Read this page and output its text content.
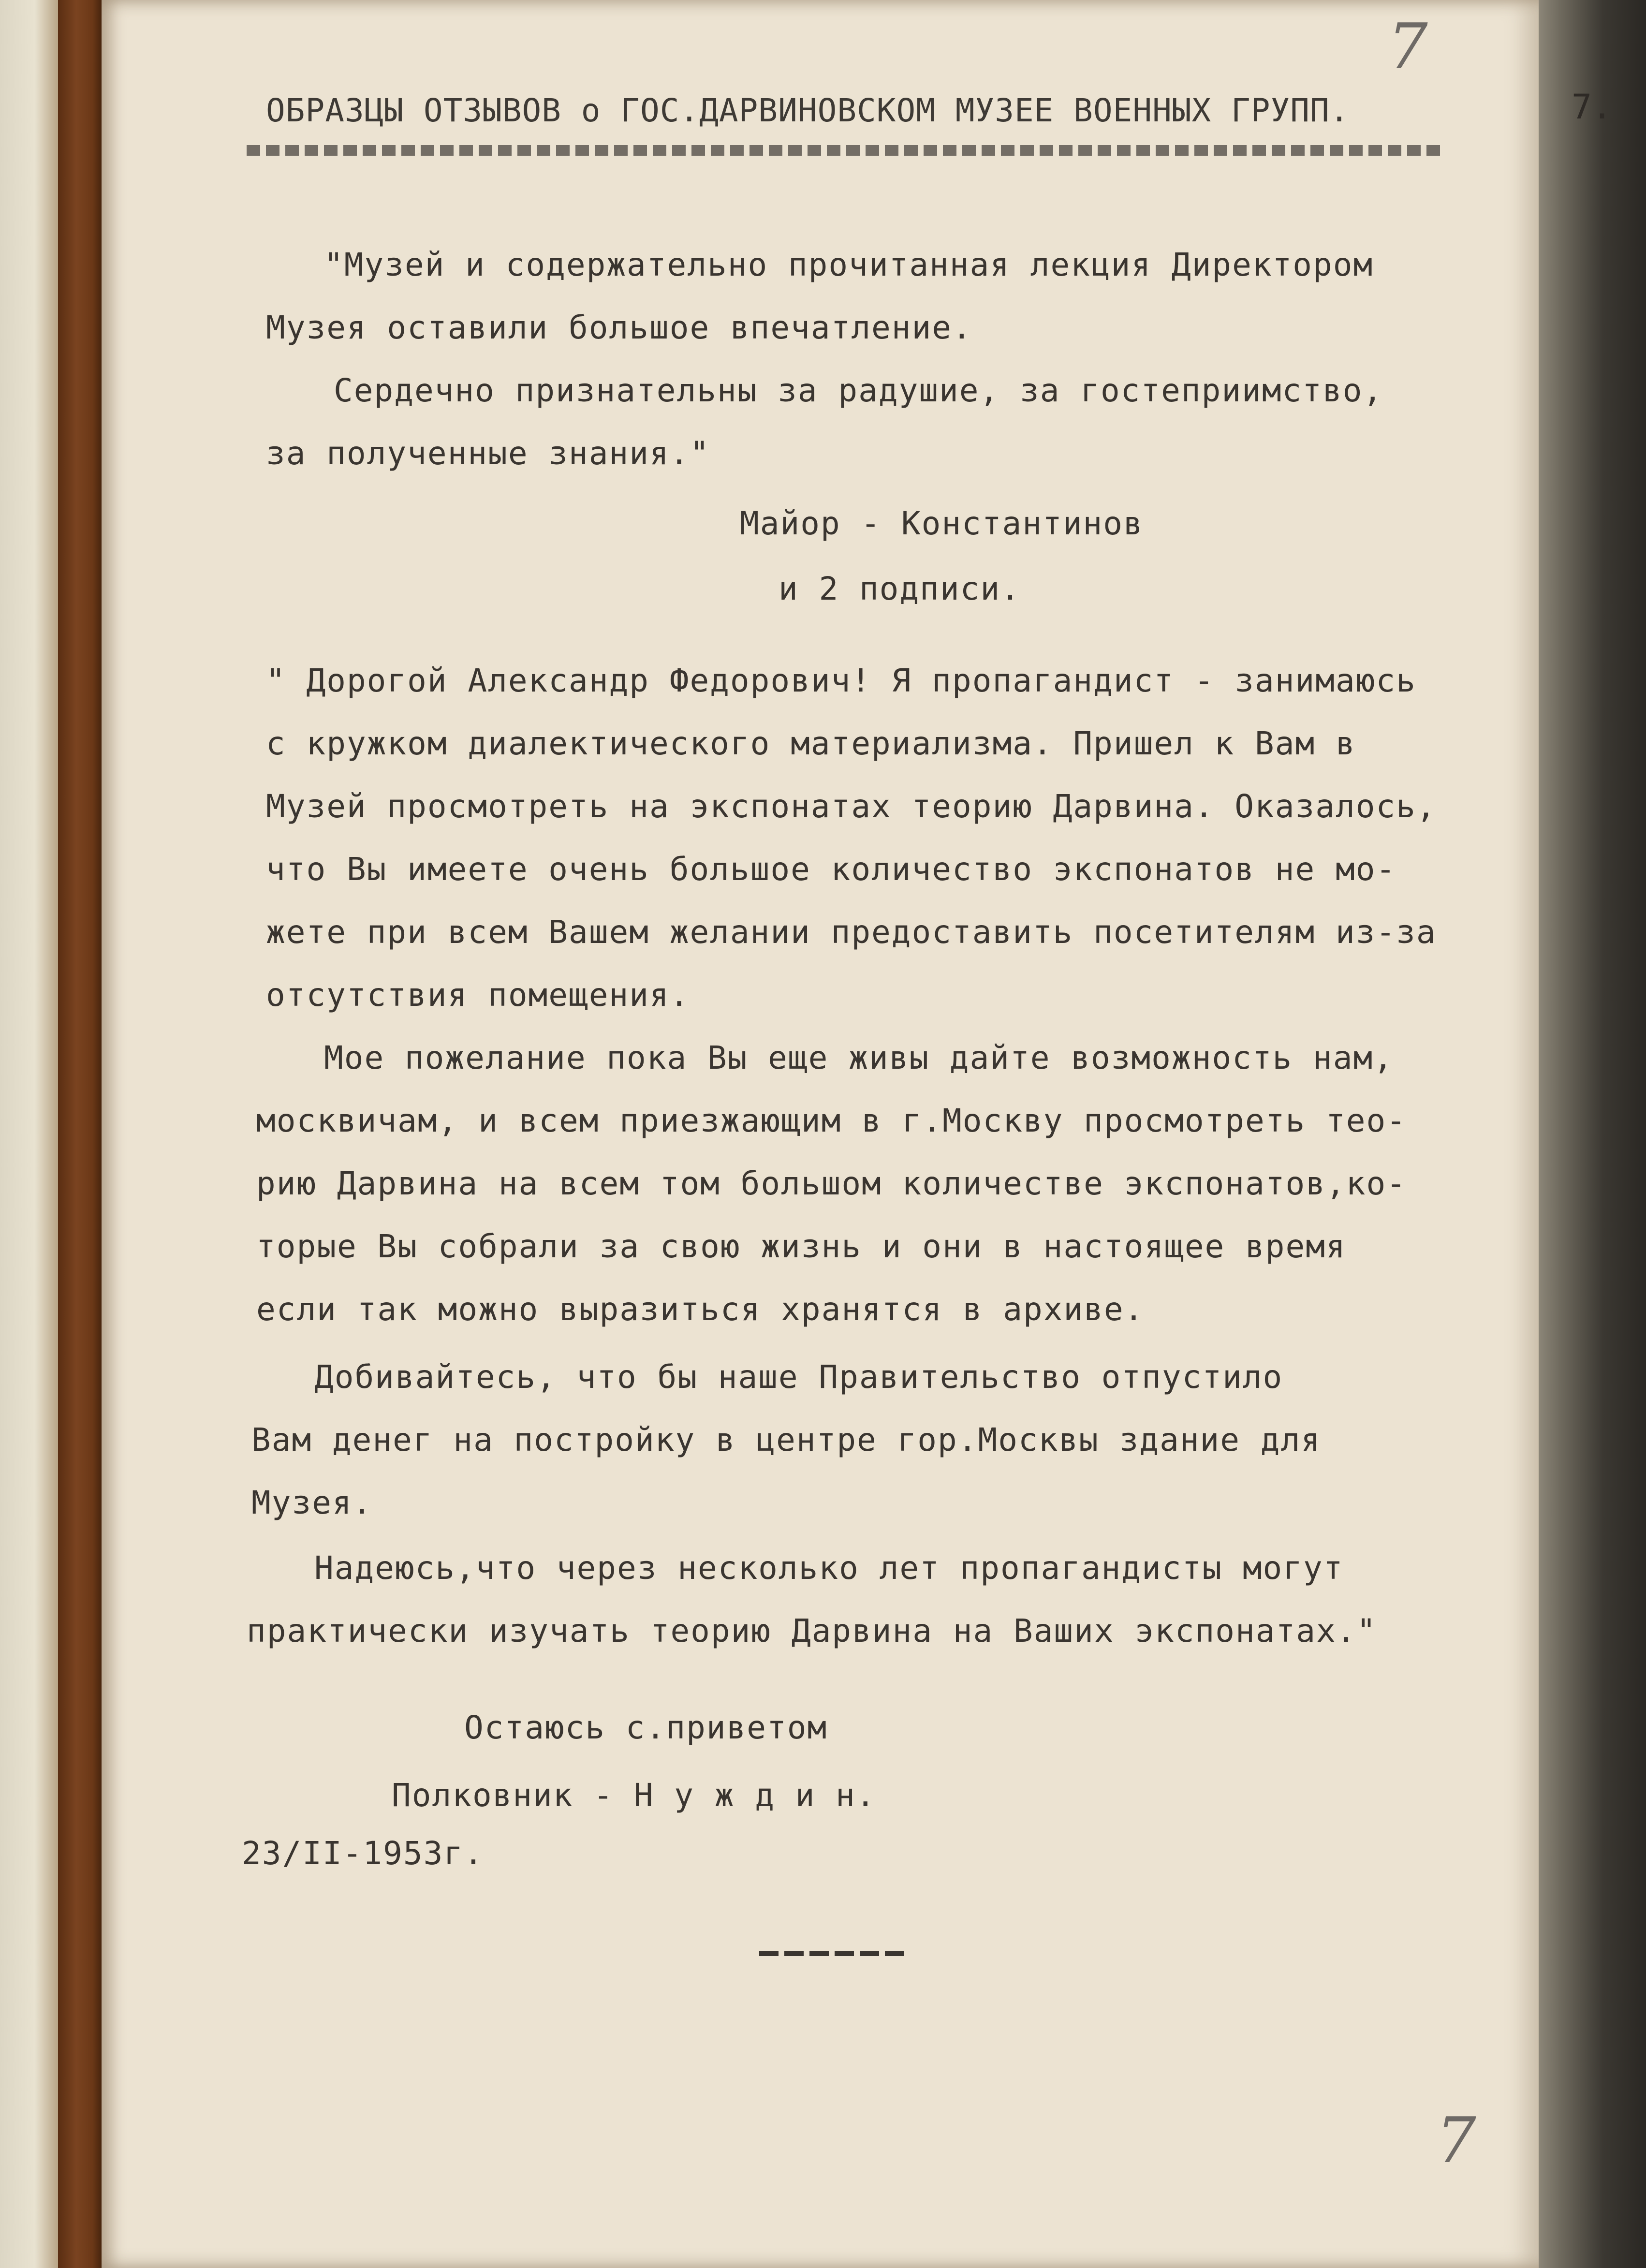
ОБРАЗЦЫ ОТЗЫВОВ о ГОС.ДАРВИНОВСКОМ МУЗЕЕ ВОЕННЫХ ГРУПП.	7.
7
"Музей и содержательно прочитанная лекция Директором
Музея оставили большое впечатление.
Сердечно признательны за радушие, за гостеприимство,
за полученные знания."
Майор - Константинов
и 2 подписи.
" Дорогой Александр Федорович! Я пропагандист - занимаюсь
с кружком диалектического материализма. Пришел к Вам в
Музей просмотреть на экспонатах теорию Дарвина. Оказалось,
что Вы имеете очень большое количество экспонатов не мо-
жете при всем Вашем желании предоставить посетителям из-за
отсутствия помещения.
Мое пожелание пока Вы еще живы дайте возможность нам,
москвичам, и всем приезжающим в г.Москву просмотреть тео-
рию Дарвина на всем том большом количестве экспонатов,ко-
торые Вы собрали за свою жизнь и они в настоящее время
если так можно выразиться хранятся в архиве.
Добивайтесь, что бы наше Правительство отпустило
Вам денег на постройку в центре гор.Москвы здание для
Музея.
Надеюсь,что через несколько лет пропагандисты могут
практически изучать теорию Дарвина на Ваших экспонатах."
Остаюсь с.приветом
Полковник - Н у ж д и н.
23/II-1953г.
7
